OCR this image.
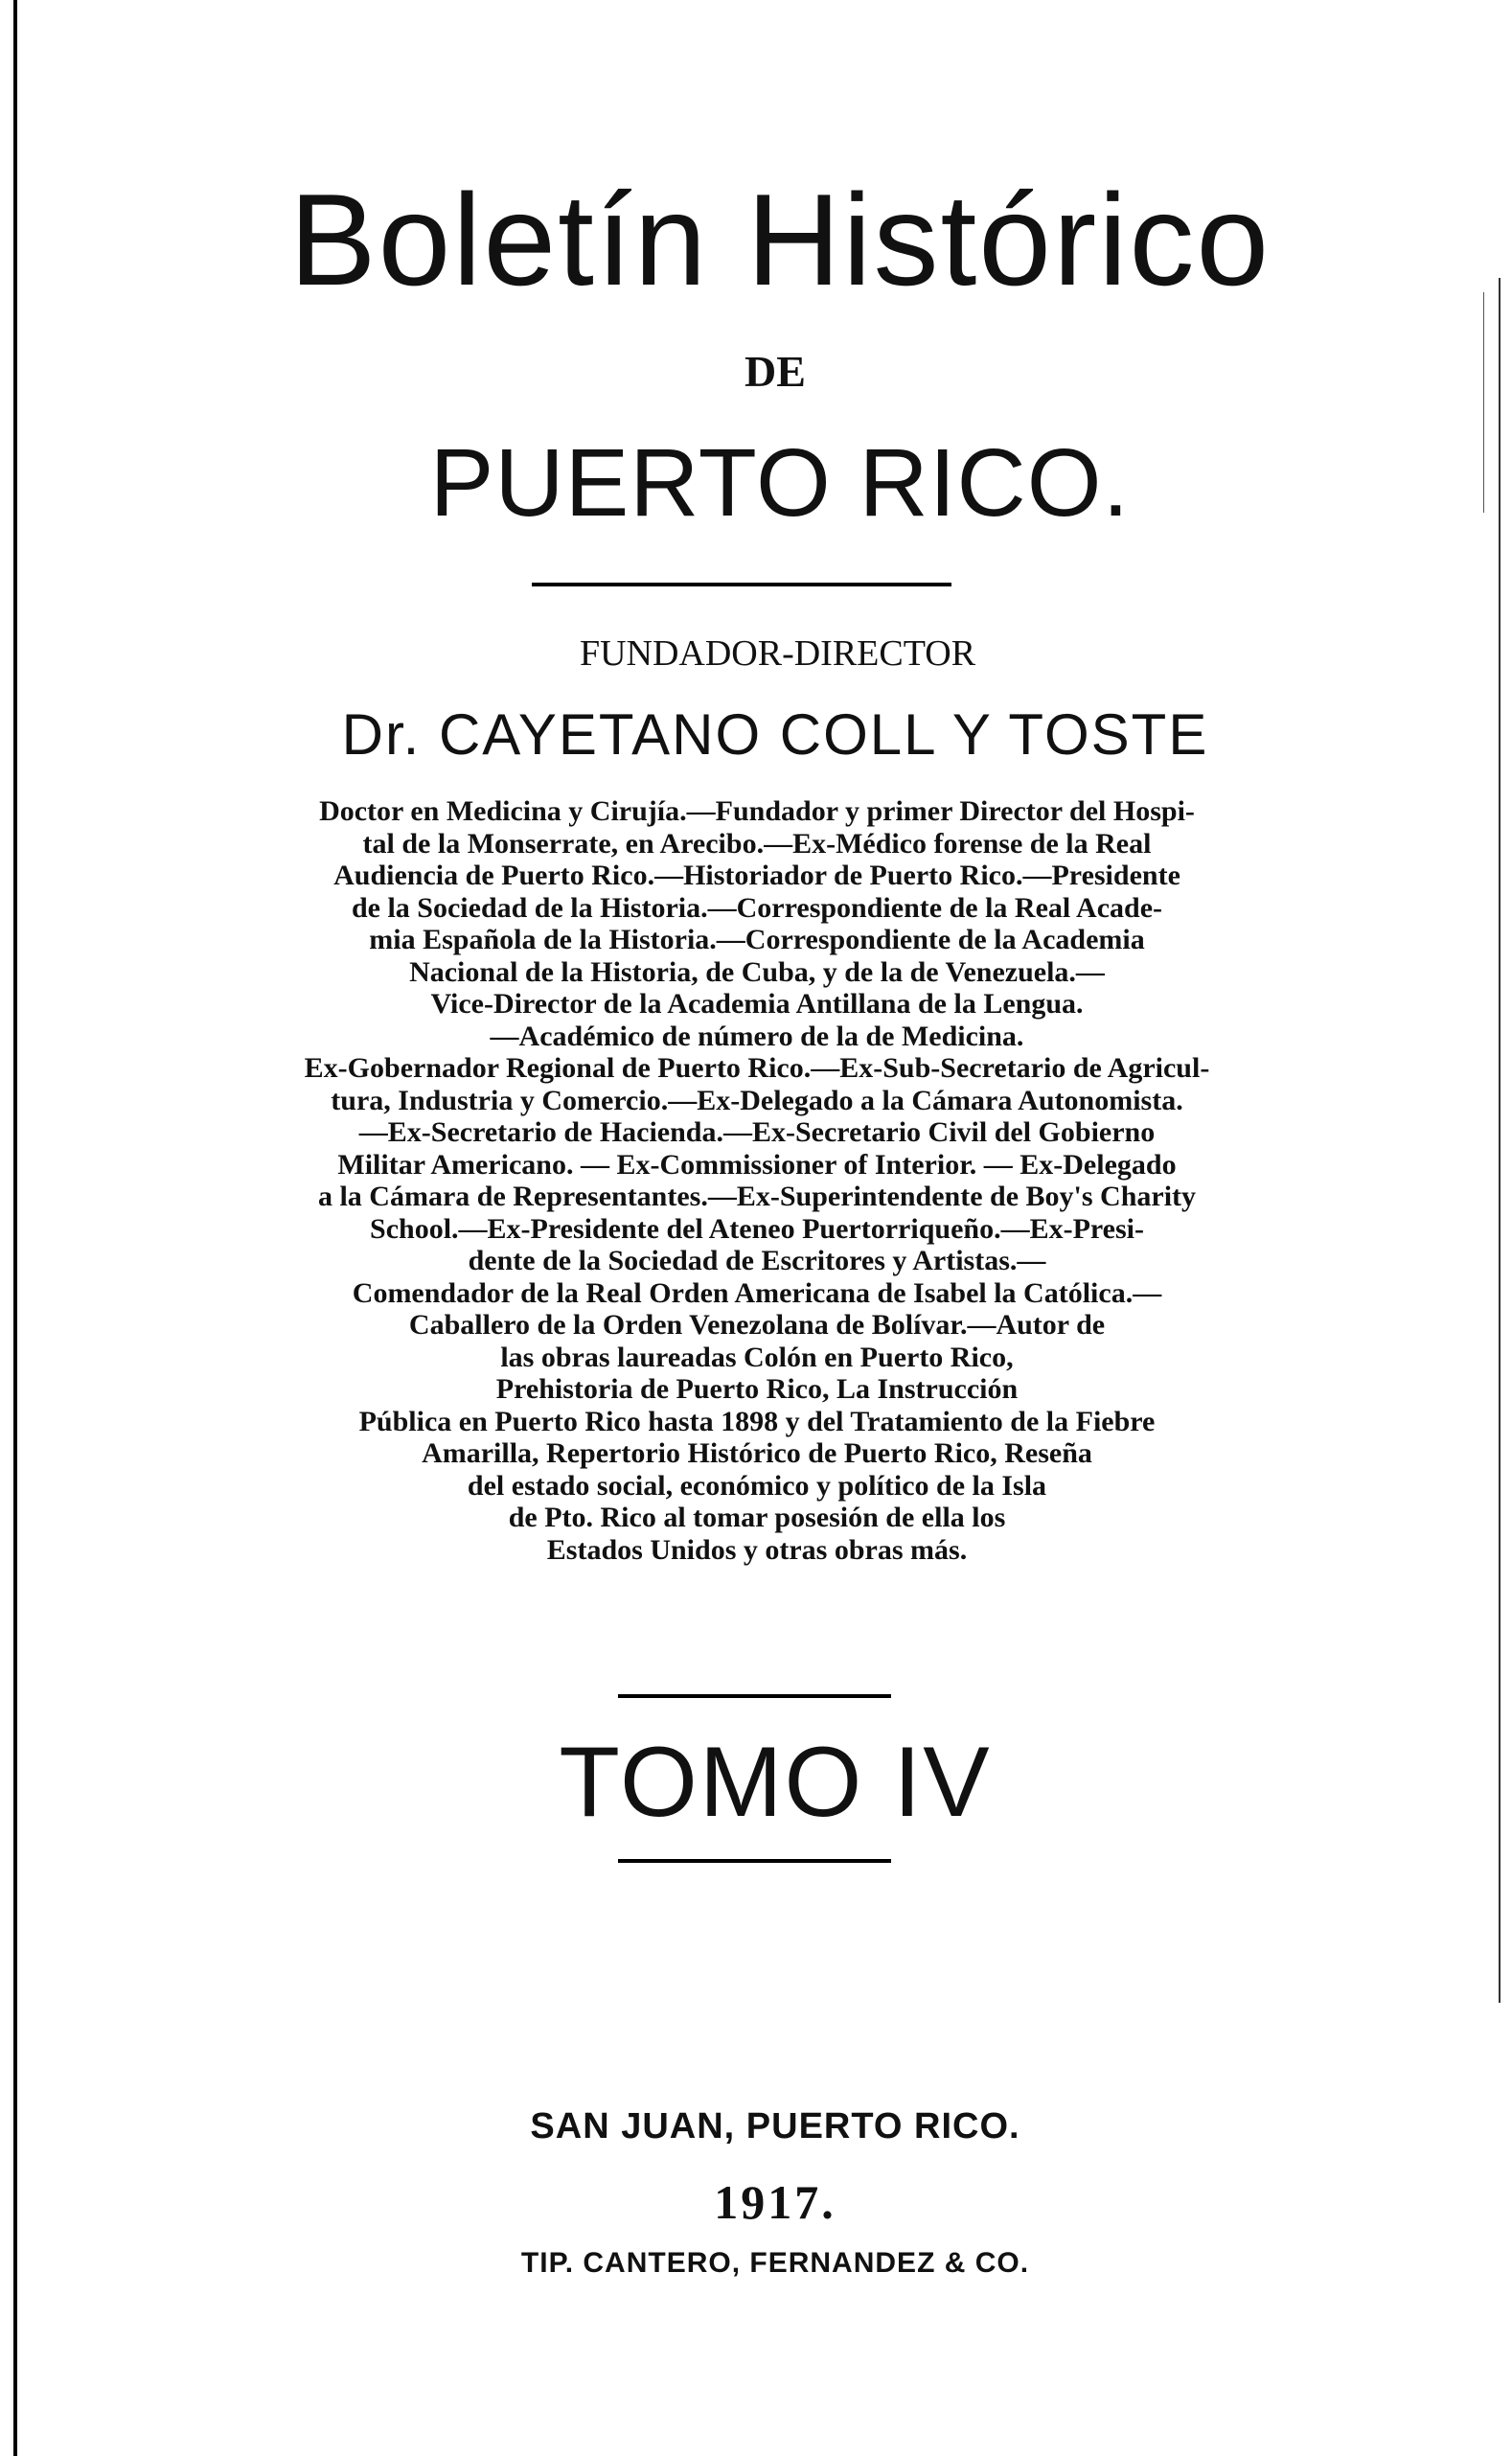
Boletín Histórico
DE
PUERTO RICO.
FUNDADOR-DIRECTOR
Dr. CAYETANO COLL Y TOSTE
Doctor en Medicina y Cirujía.—Fundador y primer Director del Hospi-
tal de la Monserrate, en Arecibo.—Ex-Médico forense de la Real
Audiencia de Puerto Rico.—Historiador de Puerto Rico.—Presidente
de la Sociedad de la Historia.—Correspondiente de la Real Acade-
mia Española de la Historia.—Correspondiente de la Academia
Nacional de la Historia, de Cuba, y de la de Venezuela.—
Vice-Director de la Academia Antillana de la Lengua.
—Académico de número de la de Medicina.
Ex-Gobernador Regional de Puerto Rico.—Ex-Sub-Secretario de Agricul-
tura, Industria y Comercio.—Ex-Delegado a la Cámara Autonomista.
—Ex-Secretario de Hacienda.—Ex-Secretario Civil del Gobierno
Militar Americano. — Ex-Commissioner of Interior. — Ex-Delegado
a la Cámara de Representantes.—Ex-Superintendente de Boy's Charity
School.—Ex-Presidente del Ateneo Puertorriqueño.—Ex-Presi-
dente de la Sociedad de Escritores y Artistas.—
Comendador de la Real Orden Americana de Isabel la Católica.—
Caballero de la Orden Venezolana de Bolívar.—Autor de
las obras laureadas Colón en Puerto Rico,
Prehistoria de Puerto Rico, La Instrucción
Pública en Puerto Rico hasta 1898 y del Tratamiento de la Fiebre
Amarilla, Repertorio Histórico de Puerto Rico, Reseña
del estado social, económico y político de la Isla
de Pto. Rico al tomar posesión de ella los
Estados Unidos y otras obras más.
TOMO IV
SAN JUAN, PUERTO RICO.
1917.
TIP. CANTERO, FERNANDEZ & CO.
